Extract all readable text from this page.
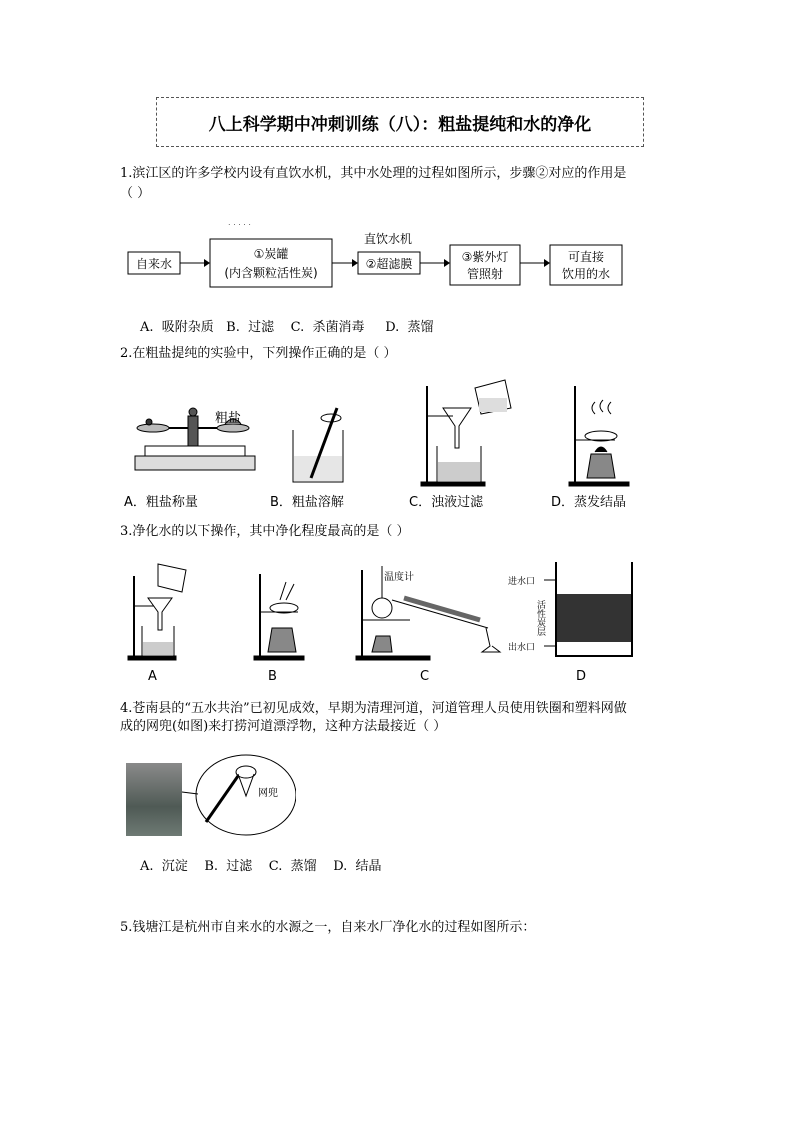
八上科学期中冲刺训练（八）：粗盐提纯和水的净化
1.滨江区的许多学校内设有直饮水机，其中水处理的过程如图所示，步骤②对应的作用是
（ ）
. . . . .
自来水
①炭罐
(内含颗粒活性炭)
直饮水机
②超滤膜	③紫外灯
管照射
可直接
饮用的水
A.  吸附杂质   B.  过滤    C.  杀菌消毒     D.  蒸馏
2.在粗盐提纯的实验中，下列操作正确的是（ ）
粗盐
A．粗盐称量	B．粗盐溶解	C．浊液过滤	D．蒸发结晶
3.净化水的以下操作，其中净化程度最高的是（ ）
温度计	进水口
出水口
活性炭层
A	B	C	D
4.苍南县的“五水共治”已初见成效，早期为清理河道，河道管理人员使用铁圈和塑料网做
成的网兜(如图)来打捞河道漂浮物，这种方法最接近（ ）
网兜
A.  沉淀    B.  过滤    C.  蒸馏    D.  结晶
5.钱塘江是杭州市自来水的水源之一，自来水厂净化水的过程如图所示：
